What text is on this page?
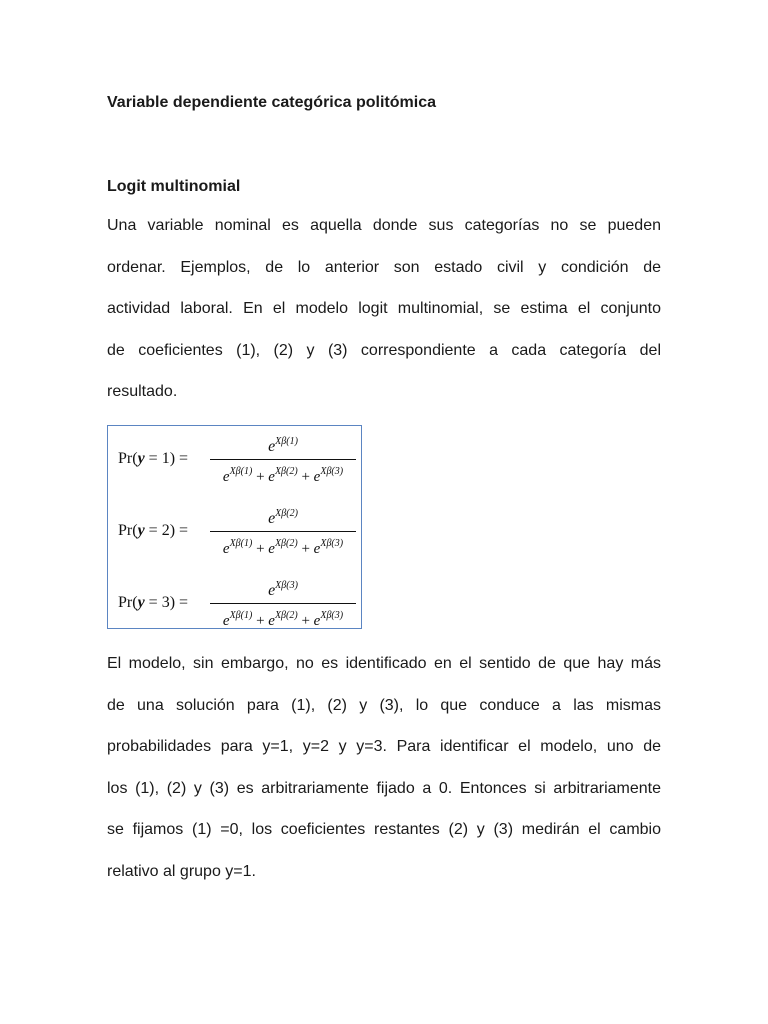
Variable dependiente categórica politómica
Logit multinomial
Una variable nominal es aquella donde sus categorías no se pueden
ordenar. Ejemplos, de lo anterior son estado civil y condición de
actividad laboral. En el modelo logit multinomial, se estima el conjunto
de coeficientes (1), (2) y (3) correspondiente a cada categoría del
resultado.
Pr(y = 1) =
$e^{X\beta(1)}$
$e^{X\beta(1)} + e^{X\beta(2)} + e^{X\beta(3)}$
Pr(y = 2) =
$e^{X\beta(2)}$
$e^{X\beta(1)} + e^{X\beta(2)} + e^{X\beta(3)}$
Pr(y = 3) =
$e^{X\beta(3)}$
$e^{X\beta(1)} + e^{X\beta(2)} + e^{X\beta(3)}$
El modelo, sin embargo, no es identificado en el sentido de que hay más
de una solución para (1), (2) y (3), lo que conduce a las mismas
probabilidades para y=1, y=2 y y=3. Para identificar el modelo, uno de
los (1), (2) y (3) es arbitrariamente fijado a 0. Entonces si arbitrariamente
se fijamos (1) =0, los coeficientes restantes (2) y (3) medirán el cambio
relativo al grupo y=1.
